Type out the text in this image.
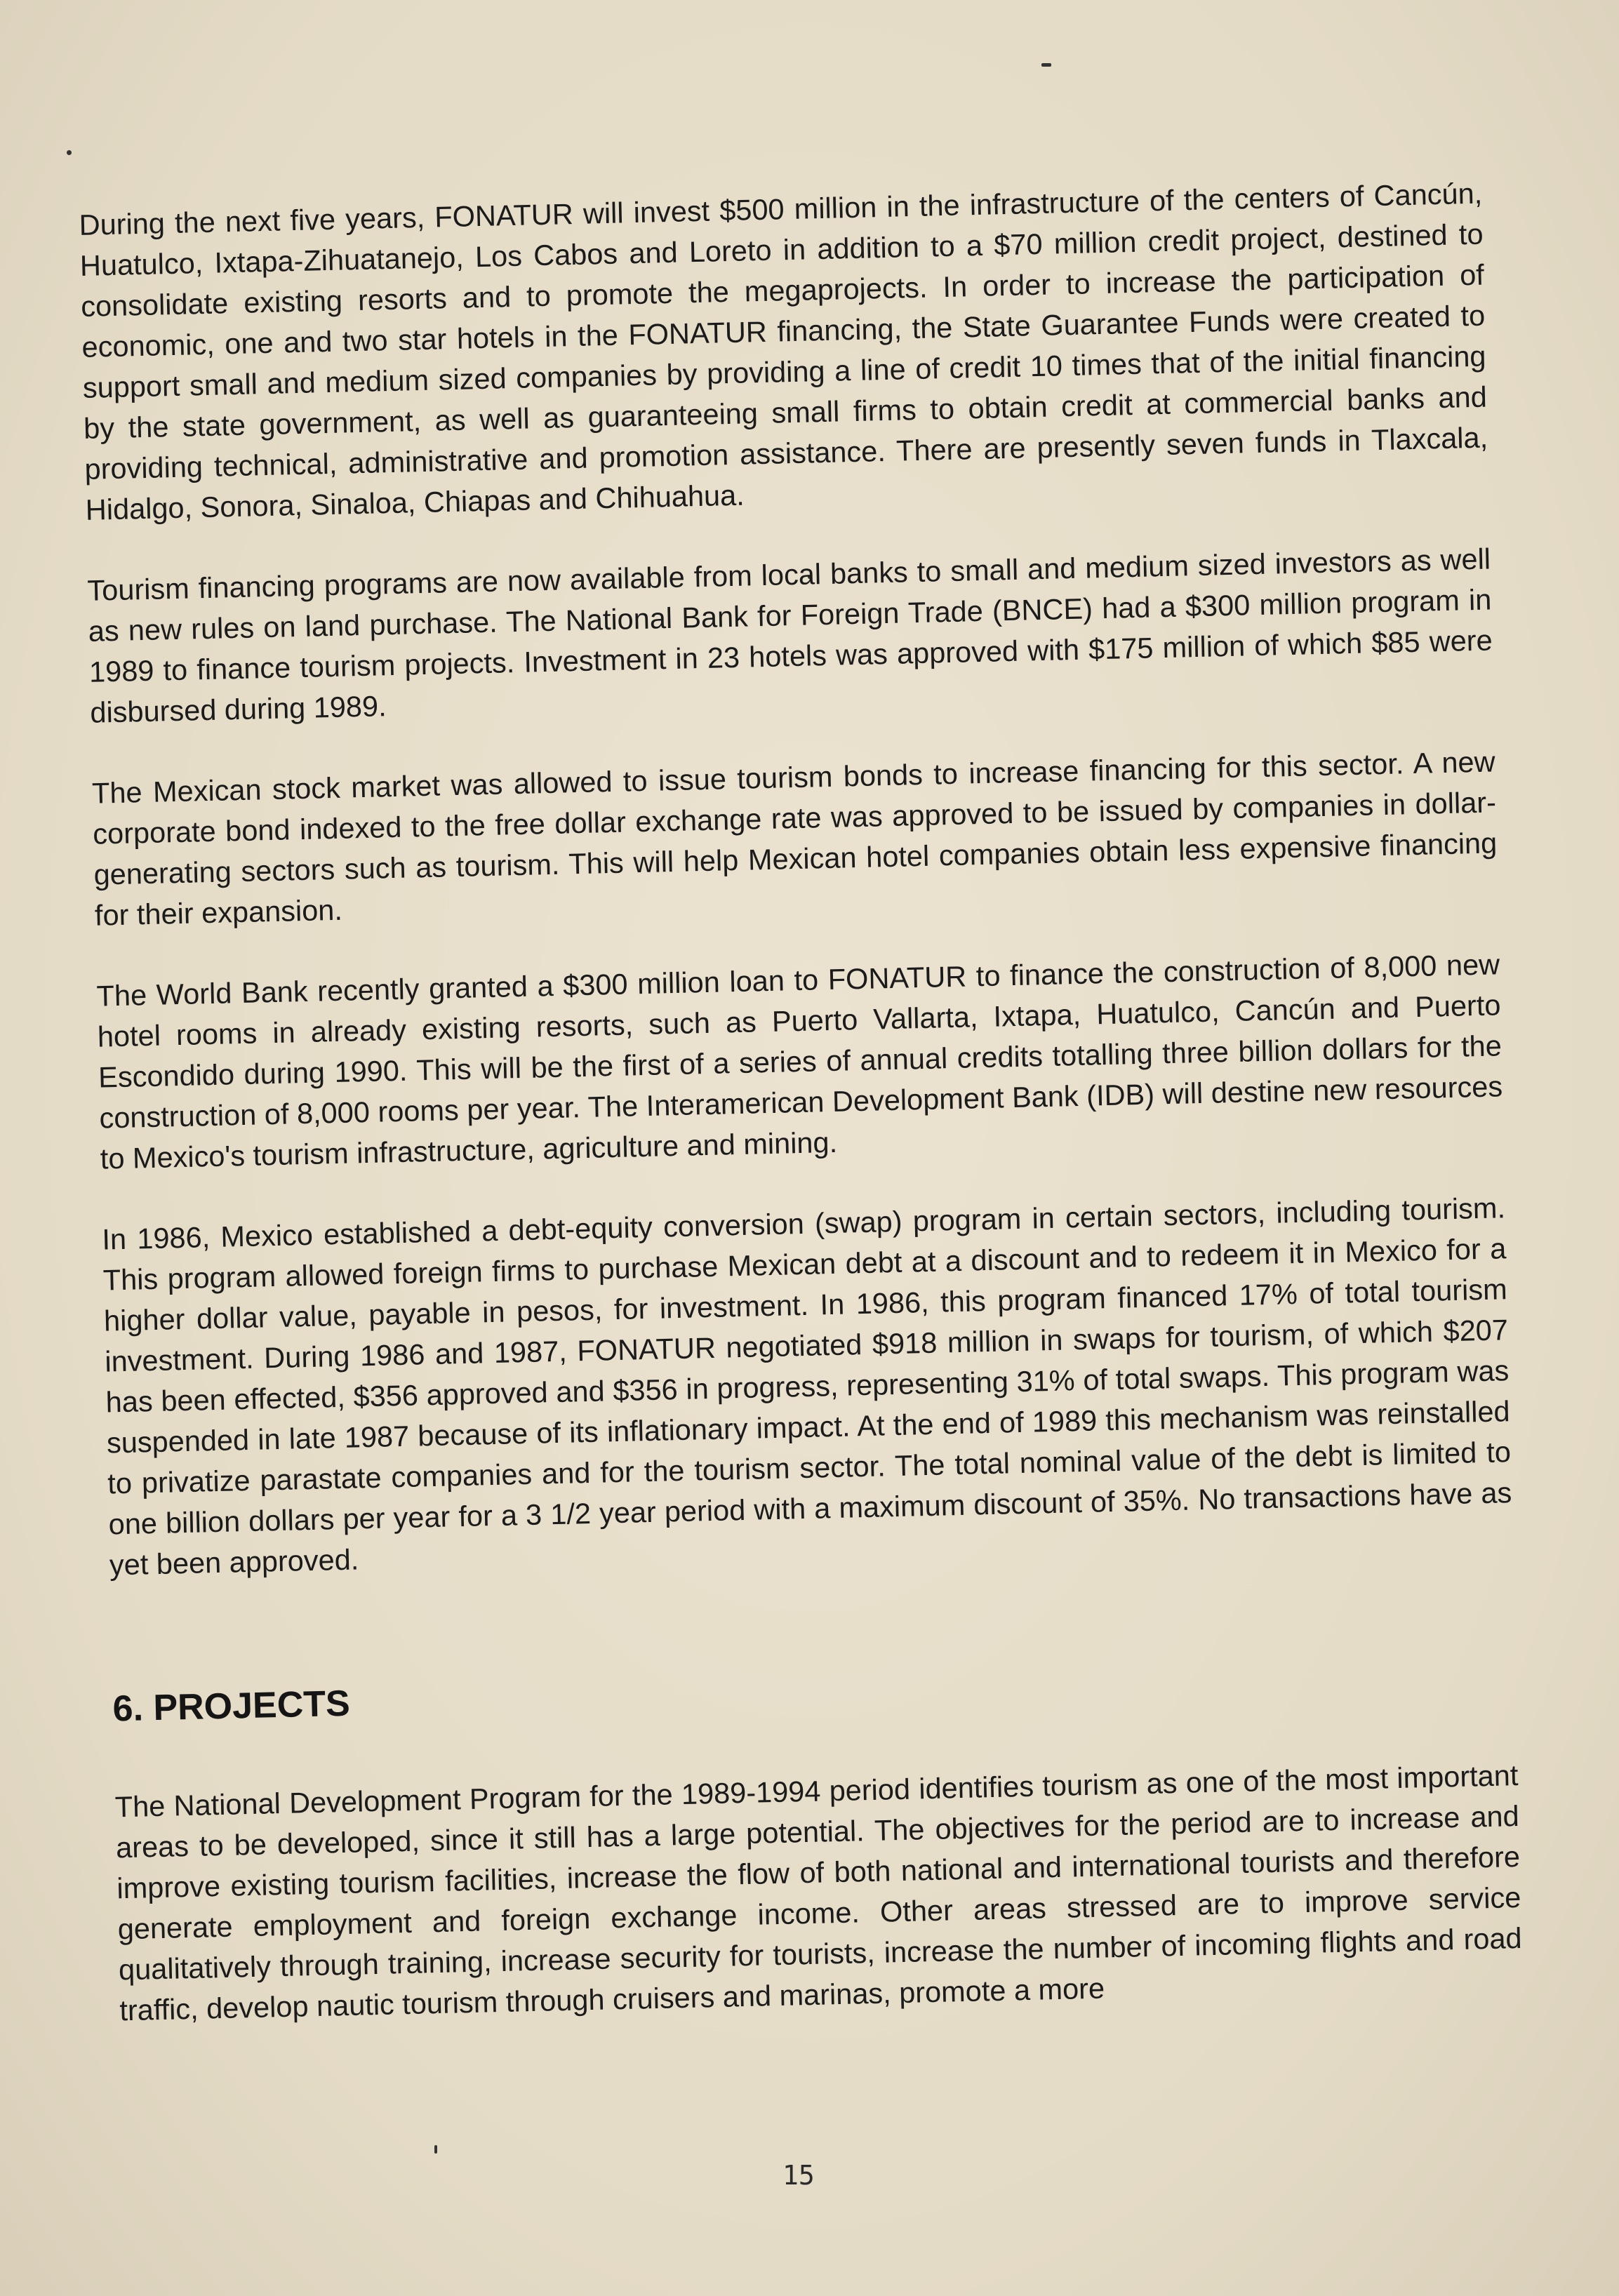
During the next five years, FONATUR will invest $500 million in the infrastructure of the centers of Cancún, Huatulco, Ixtapa-Zihuatanejo, Los Cabos and Loreto in addition to a $70 million credit project, destined to consolidate existing resorts and to promote the megaprojects. In order to increase the participation of economic, one and two star hotels in the FONATUR financing, the State Guarantee Funds were created to support small and medium sized companies by providing a line of credit 10 times that of the initial financing by the state government, as well as guaranteeing small firms to obtain credit at commercial banks and providing technical, administrative and promotion assistance. There are presently seven funds in Tlaxcala, Hidalgo, Sonora, Sinaloa, Chiapas and Chihuahua.

Tourism financing programs are now available from local banks to small and medium sized investors as well as new rules on land purchase. The National Bank for Foreign Trade (BNCE) had a $300 million program in 1989 to finance tourism projects. Investment in 23 hotels was approved with $175 million of which $85 were disbursed during 1989.

The Mexican stock market was allowed to issue tourism bonds to increase financing for this sector. A new corporate bond indexed to the free dollar exchange rate was approved to be issued by companies in dollar-generating sectors such as tourism. This will help Mexican hotel companies obtain less expensive financing for their expansion.

The World Bank recently granted a $300 million loan to FONATUR to finance the construction of 8,000 new hotel rooms in already existing resorts, such as Puerto Vallarta, Ixtapa, Huatulco, Cancún and Puerto Escondido during 1990. This will be the first of a series of annual credits totalling three billion dollars for the construction of 8,000 rooms per year. The Interamerican Development Bank (IDB) will destine new resources to Mexico's tourism infrastructure, agriculture and mining.

In 1986, Mexico established a debt-equity conversion (swap) program in certain sectors, including tourism. This program allowed foreign firms to purchase Mexican debt at a discount and to redeem it in Mexico for a higher dollar value, payable in pesos, for investment. In 1986, this program financed 17% of total tourism investment. During 1986 and 1987, FONATUR negotiated $918 million in swaps for tourism, of which $207 has been effected, $356 approved and $356 in progress, representing 31% of total swaps. This program was suspended in late 1987 because of its inflationary impact. At the end of 1989 this mechanism was reinstalled to privatize parastate companies and for the tourism sector. The total nominal value of the debt is limited to one billion dollars per year for a 3 1/2 year period with a maximum discount of 35%. No transactions have as yet been approved.

6. PROJECTS

The National Development Program for the 1989-1994 period identifies tourism as one of the most important areas to be developed, since it still has a large potential. The objectives for the period are to increase and improve existing tourism facilities, increase the flow of both national and international tourists and therefore generate employment and foreign exchange income. Other areas stressed are to improve service qualitatively through training, increase security for tourists, increase the number of incoming flights and road traffic, develop nautic tourism through cruisers and marinas, promote a more

15
